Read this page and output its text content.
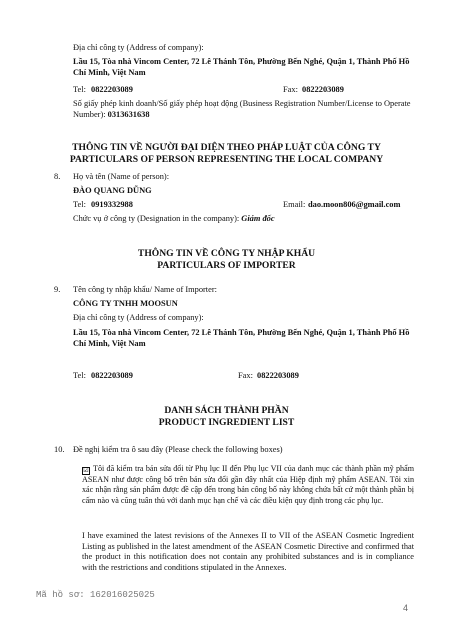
Địa chỉ công ty (Address of company):
Lầu 15, Tòa nhà Vincom Center, 72 Lê Thánh Tôn, Phường Bến Nghé, Quận 1, Thành Phố Hồ Chí Minh, Việt Nam
Tel: 0822203089	Fax: 0822203089
Số giấy phép kinh doanh/Số giấy phép hoạt động (Business Registration Number/License to Operate Number): 0313631638
THÔNG TIN VỀ NGƯỜI ĐẠI DIỆN THEO PHÁP LUẬT CỦA CÔNG TY
PARTICULARS OF PERSON REPRESENTING THE LOCAL COMPANY
8. Họ và tên (Name of person):
ĐÀO QUANG DŨNG
Tel: 0919332988	Email: dao.moon806@gmail.com
Chức vụ ở công ty (Designation in the company): Giám đốc
THÔNG TIN VỀ CÔNG TY NHẬP KHẨU
PARTICULARS OF IMPORTER
9. Tên công ty nhập khẩu/ Name of Importer:
CÔNG TY TNHH MOOSUN
Địa chỉ công ty (Address of company):
Lầu 15, Tòa nhà Vincom Center, 72 Lê Thánh Tôn, Phường Bến Nghé, Quận 1, Thành Phố Hồ Chí Minh, Việt Nam
Tel: 0822203089	Fax: 0822203089
DANH SÁCH THÀNH PHẦN
PRODUCT INGREDIENT LIST
10. Đề nghị kiểm tra ô sau đây (Please check the following boxes)
☑ Tôi đã kiểm tra bản sửa đổi từ Phụ lục II đến Phụ lục VII của danh mục các thành phần mỹ phẩm ASEAN như được công bố trên bản sửa đổi gần đây nhất của Hiệp định mỹ phẩm ASEAN. Tôi xin xác nhận rằng sản phẩm được đề cập đến trong bản công bố này không chứa bất cứ một thành phần bị cấm nào và cũng tuân thủ với danh mục hạn chế và các điều kiện quy định trong các phụ lục.
I have examined the latest revisions of the Annexes II to VII of the ASEAN Cosmetic Ingredient Listing as published in the latest amendment of the ASEAN Cosmetic Directive and confirmed that the product in this notification does not contain any prohibited substances and is in compliance with the restrictions and conditions stipulated in the Annexes.
Mã hồ sơ: 162016025025
4
